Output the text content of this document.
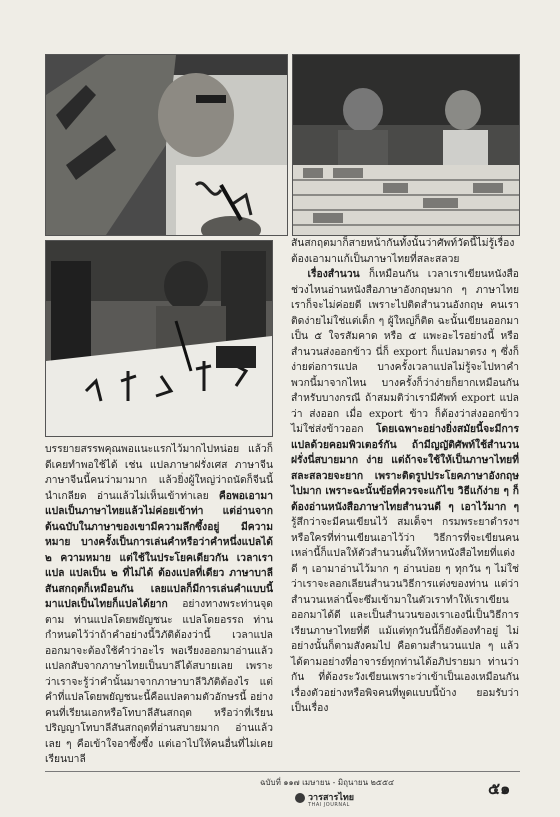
บรรยายสรรพคุณพอแนะแรกไว้มากไปหน่อย แล้วก็ดีเคยทำพอใช้ได้ เช่น แปลภาษาฝรั่งเศส ภาษาจีน ภาษาจีนนี้คนว่ามามาก แล้วยิ่งผู้ใหญ่ว่าถนัดก็จีนนี้นำเกลียด อ่านแล้วไม่เห็นเข้าท่าเลย คือพอเอามาแปลเป็นภาษาไทยแล้วไม่ค่อยเข้าท่า แต่อ่านจากต้นฉบับในภาษาของเขามีความลึกซึ้งอยู่ มีความหมาย บางครั้งเป็นการเล่นคำหรือว่าคำหนึ่งแปลได้ ๒ ความหมาย แต่ใช้ในประโยคเดียวกัน เวลาเราแปล แปลเป็น ๒ ที่ไม่ได้ ต้องแปลที่เดียว ภาษาบาลีสันสกฤตก็เหมือนกัน เลยแปลก็มีการเล่นคำแบบนี้ มาแปลเป็นไทยก็แปลได้ยาก อย่างทางพระท่านจุดตาม ท่านแปลโดยพยัญชนะ แปลโดยอรรถ ท่านกำหนดไว้ว่าถ้าคำอย่างนี้วิภัติต้องว่านี้ เวลาแปลออกมาจะต้องใช้คำว่าอะไร พอเรียงออกมาอ่านแล้วแปลกสับจากภาษาไทยเป็นบาลีได้สบายเลย เพราะว่าเราจะรู้ว่าคำนั้นมาจากภาษาบาลีวิภัติต้องไร แต่คำที่แปลโดยพยัญชนะนี้คือแปลตามตัวอักษรนี้ อย่างคนที่เรียนเอกหรือโทบาลีสันสกฤต หรือว่าที่เรียนปริญญาโทบาลีสันสกฤตที่อ่านสบายมาก อ่านแล้วเลย ๆ คือเข้าใจอาซึ้งซึ้ง แต่เอาไปให้คนอื่นที่ไม่เคยเรียนบาลี

สันสกฤตมาก็สายหน้ากันทั้งนั้นว่าศัพท์วัดนี้ไม่รู้เรื่อง ต้องเอามาแก้เป็นภาษาไทยที่สละสลวย

เรื่องสำนวน ก็เหมือนกัน เวลาเราเขียนหนังสือช่วงไหนอ่านหนังสือภาษาอังกฤษมาก ๆ ภาษาไทยเราก็จะไม่ค่อยดี เพราะไปติดสำนวนอังกฤษ คนเราติดง่ายไม่ใช่แต่เด็ก ๆ ผู้ใหญ่ก็ติด ฉะนั้นเขียนออกมาเป็น ๕ ใจรสัมคาด หรือ ๕ แพะอะไรอย่างนี้ หรือสำนวนส่งออกข้าว นี่ก็ export ก็แปลมาตรง ๆ ซึ่งก็ง่ายต่อการแปล บางครั้งเวลาแปลไม่รู้จะไปหาคำพวกนี้มาจากไหน บางครั้งก็ว่าง่ายก็ยากเหมือนกัน สำหรับบางกรณี ถ้าสมมติว่าเรามีศัพท์ export แปลว่า ส่งออก เมื่อ export ข้าว ก็ต้องว่าส่งออกข้าว ไม่ใช่ส่งข้าวออก โดยเฉพาะอย่างยิ่งสมัยนี้จะมีการแปลด้วยคอมพิวเตอร์กัน ถ้ามีญญัติศัพท์ใช้สำนวนฝรั่งนี่สบายมาก ง่าย แต่ถ้าจะใช้ให้เป็นภาษาไทยที่สละสลวยจะยาก เพราะติดรูปประโยคภาษาอังกฤษไปมาก เพราะฉะนั้นข้อที่ควรจะแก้ไข วิธีแก้ง่าย ๆ ก็ต้องอ่านหนังสือภาษาไทยสำนวนดี ๆ เอาไว้มาก ๆ รู้สึกว่าจะมีคนเขียนไว้ สมเด็จฯ กรมพระยาดำรงฯ หรือใครที่ท่านเขียนเอาไว้ว่า วิธีการที่จะเขียนคนเหล่านี้ก็แปลให้ตัวสำนวนตั้นให้หาหนังสือไทยที่แต่งดี ๆ เอามาอ่านไว้มาก ๆ อ่านบ่อย ๆ ทุกวัน ๆ ไม่ใช่ว่าเราจะลอกเลียนสำนวนวิธีการแต่งของท่าน แต่ว่าสำนวนเหล่านี้จะซึมเข้ามาในตัวเราทำให้เราเขียนออกมาได้ดี และเป็นสำนวนของเราเองนี่เป็นวิธีการเรียนภาษาไทยที่ดี แม้แต่ทุกวันนี้ก็ยังต้องทำอยู่ ไม่อย่างนั้นก็ตามสังคมไป คือตามสำนวนแปล ๆ แล้วได้ตามอย่างที่อาจารย์ทุกท่านได้อภิปรายมา ท่านว่ากัน ที่ต้องระวังเขียนเพราะว่าเข้าเป็นเองเหมือนกัน เรื่องตัวอย่างหรือพิจคนที่พูดแบบนี้บ้าง ยอมรับว่าเป็นเรื่อง

ฉบับที่ ๑๑๗ เมษายน - มิถุนายน ๒๕๕๔
วารสารไทย
THAI JOURNAL
๕๑
